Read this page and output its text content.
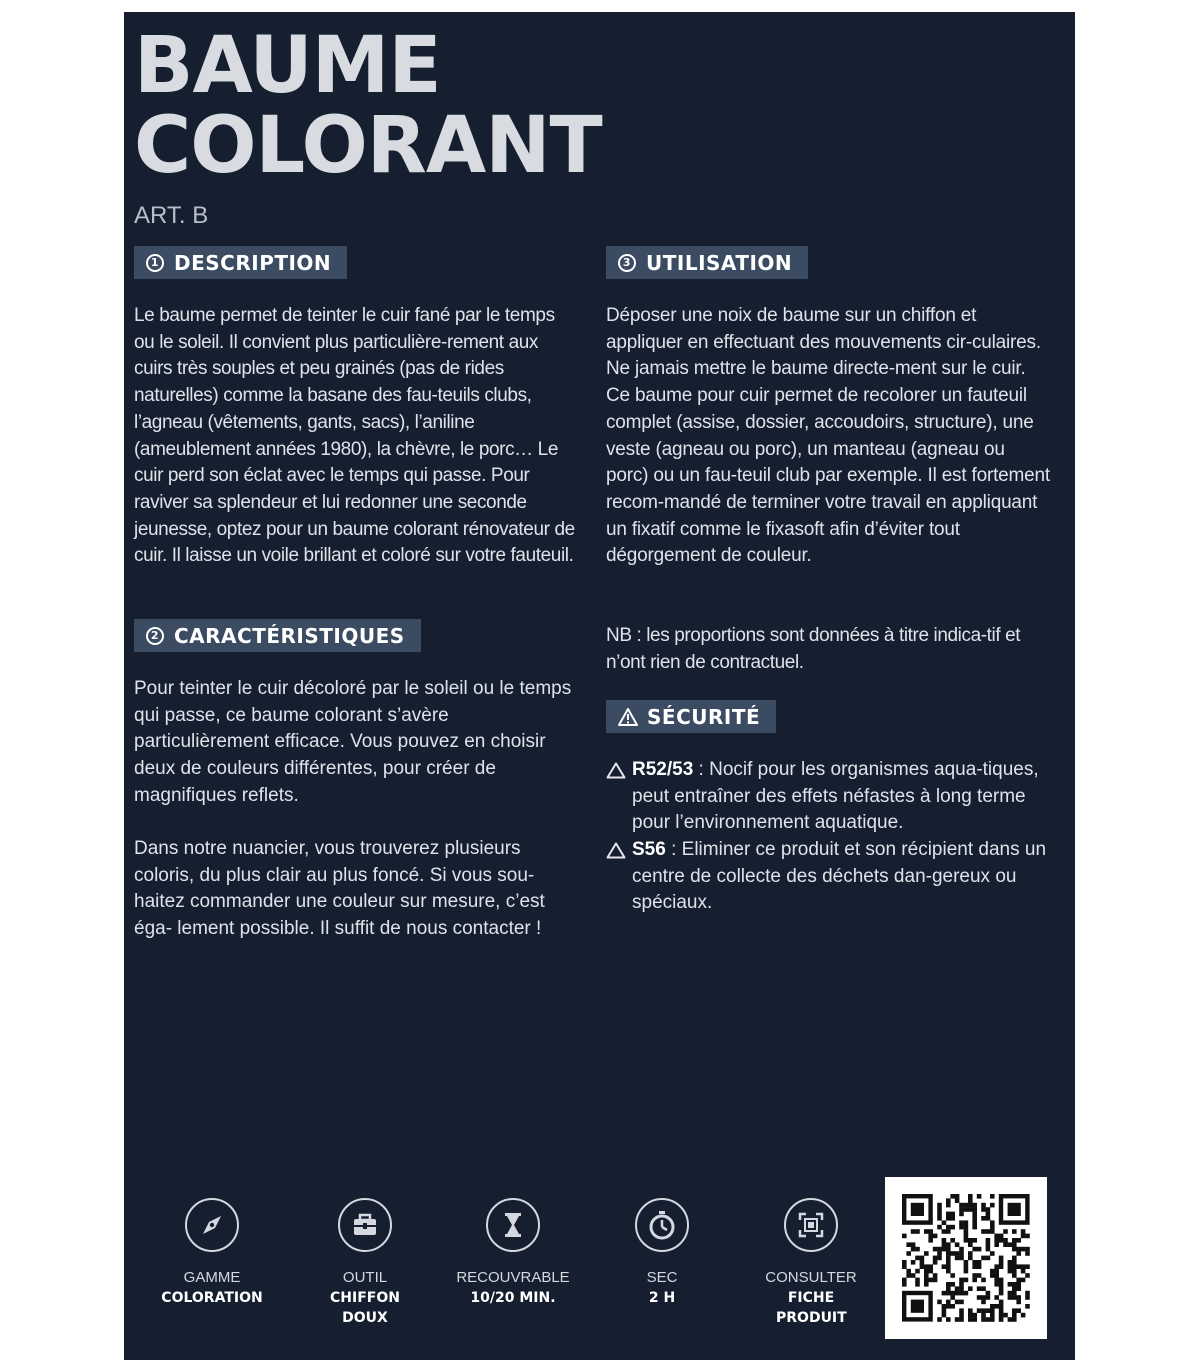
BAUME
COLORANT
ART. B
1 DESCRIPTION

Le baume permet de teinter le cuir fané par le temps ou le soleil. Il convient plus particulière-rement aux cuirs très souples et peu grainés (pas de rides naturelles) comme la basane des fau-teuils clubs, l’agneau (vêtements, gants, sacs), l’aniline (ameublement années 1980), la chèvre, le porc… Le cuir perd son éclat avec le temps qui passe. Pour raviver sa splendeur et lui redonner une seconde jeunesse, optez pour un baume colorant rénovateur de cuir. Il laisse un voile brillant et coloré sur votre fauteuil.

2 CARACTÉRISTIQUES

Pour teinter le cuir décoloré par le soleil ou le temps qui passe, ce baume colorant s’avère particulièrement efficace. Vous pouvez en choisir deux de couleurs différentes, pour créer de magnifiques reflets.

Dans notre nuancier, vous trouverez plusieurs coloris, du plus clair au plus foncé. Si vous sou-haitez commander une couleur sur mesure, c’est éga- lement possible. Il suffit de nous contacter !

3 UTILISATION

Déposer une noix de baume sur un chiffon et appliquer en effectuant des mouvements cir-culaires. Ne jamais mettre le baume directe-ment sur le cuir. Ce baume pour cuir permet de recolorer un fauteuil complet (assise, dossier, accoudoirs, structure), une veste (agneau ou porc), un manteau (agneau ou porc) ou un fau-teuil club par exemple. Il est fortement recom-mandé de terminer votre travail en appliquant un fixatif comme le fixasoft afin d’éviter tout dégorgement de couleur.

NB : les proportions sont données à titre indica-tif et n’ont rien de contractuel.

SÉCURITÉ
R52/53 : Nocif pour les organismes aqua-tiques, peut entraîner des effets néfastes à long terme pour l’environnement aquatique.
S56 : Eliminer ce produit et son récipient dans un centre de collecte des déchets dan-gereux ou spéciaux.
GAMME
COLORATION
OUTIL
CHIFFON DOUX
RECOUVRABLE
10/20 MIN.
SEC
2 H
CONSULTER
FICHE PRODUIT
